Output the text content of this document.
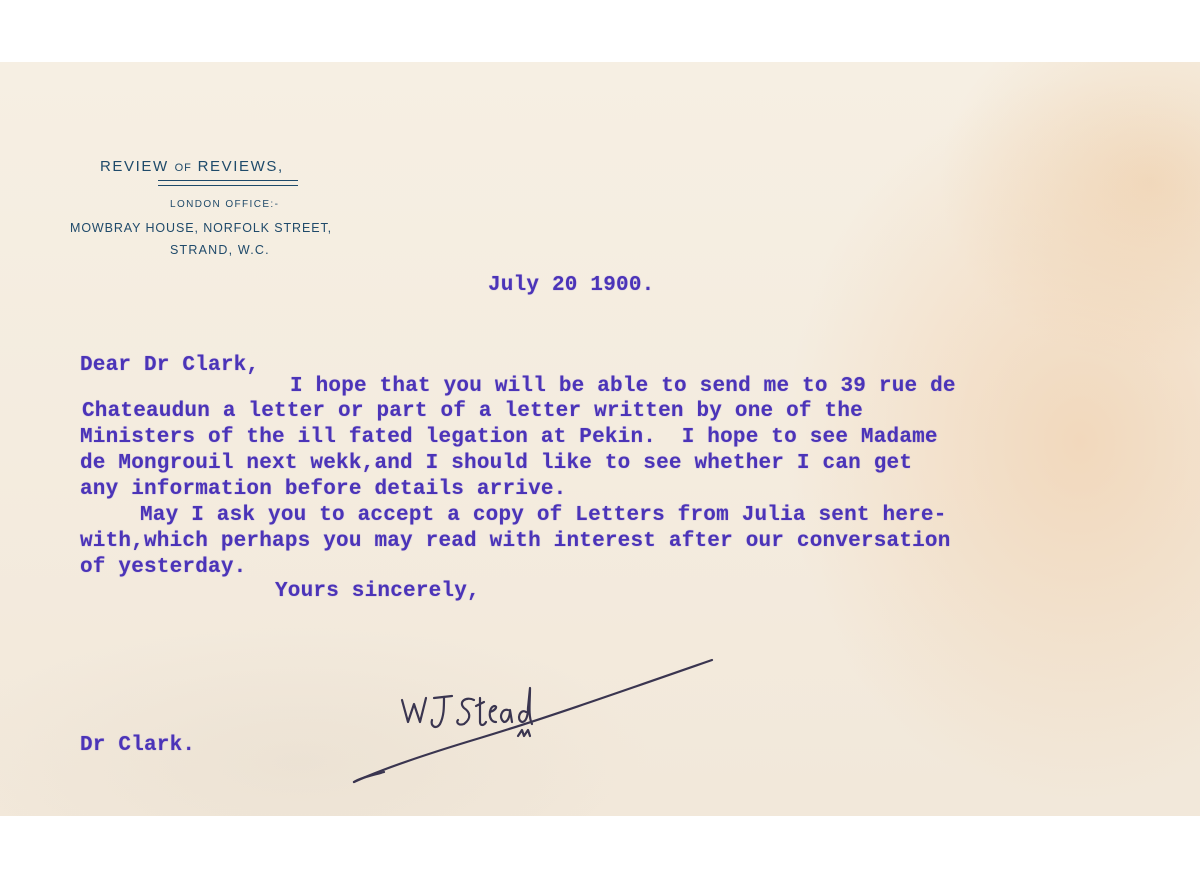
REVIEW OF REVIEWS,
LONDON OFFICE:-
MOWBRAY HOUSE, NORFOLK STREET,
STRAND, W.C.
July 20 1900.
Dear Dr Clark,
I hope that you will be able to send me to 39 rue de
Chateaudun a letter or part of a letter written by one of the
Ministers of the ill fated legation at Pekin.  I hope to see Madame
de Mongrouil next wekk,and I should like to see whether I can get
any information before details arrive.
May I ask you to accept a copy of Letters from Julia sent here-
with,which perhaps you may read with interest after our conversation
of yesterday.
Yours sincerely,
Dr Clark.
